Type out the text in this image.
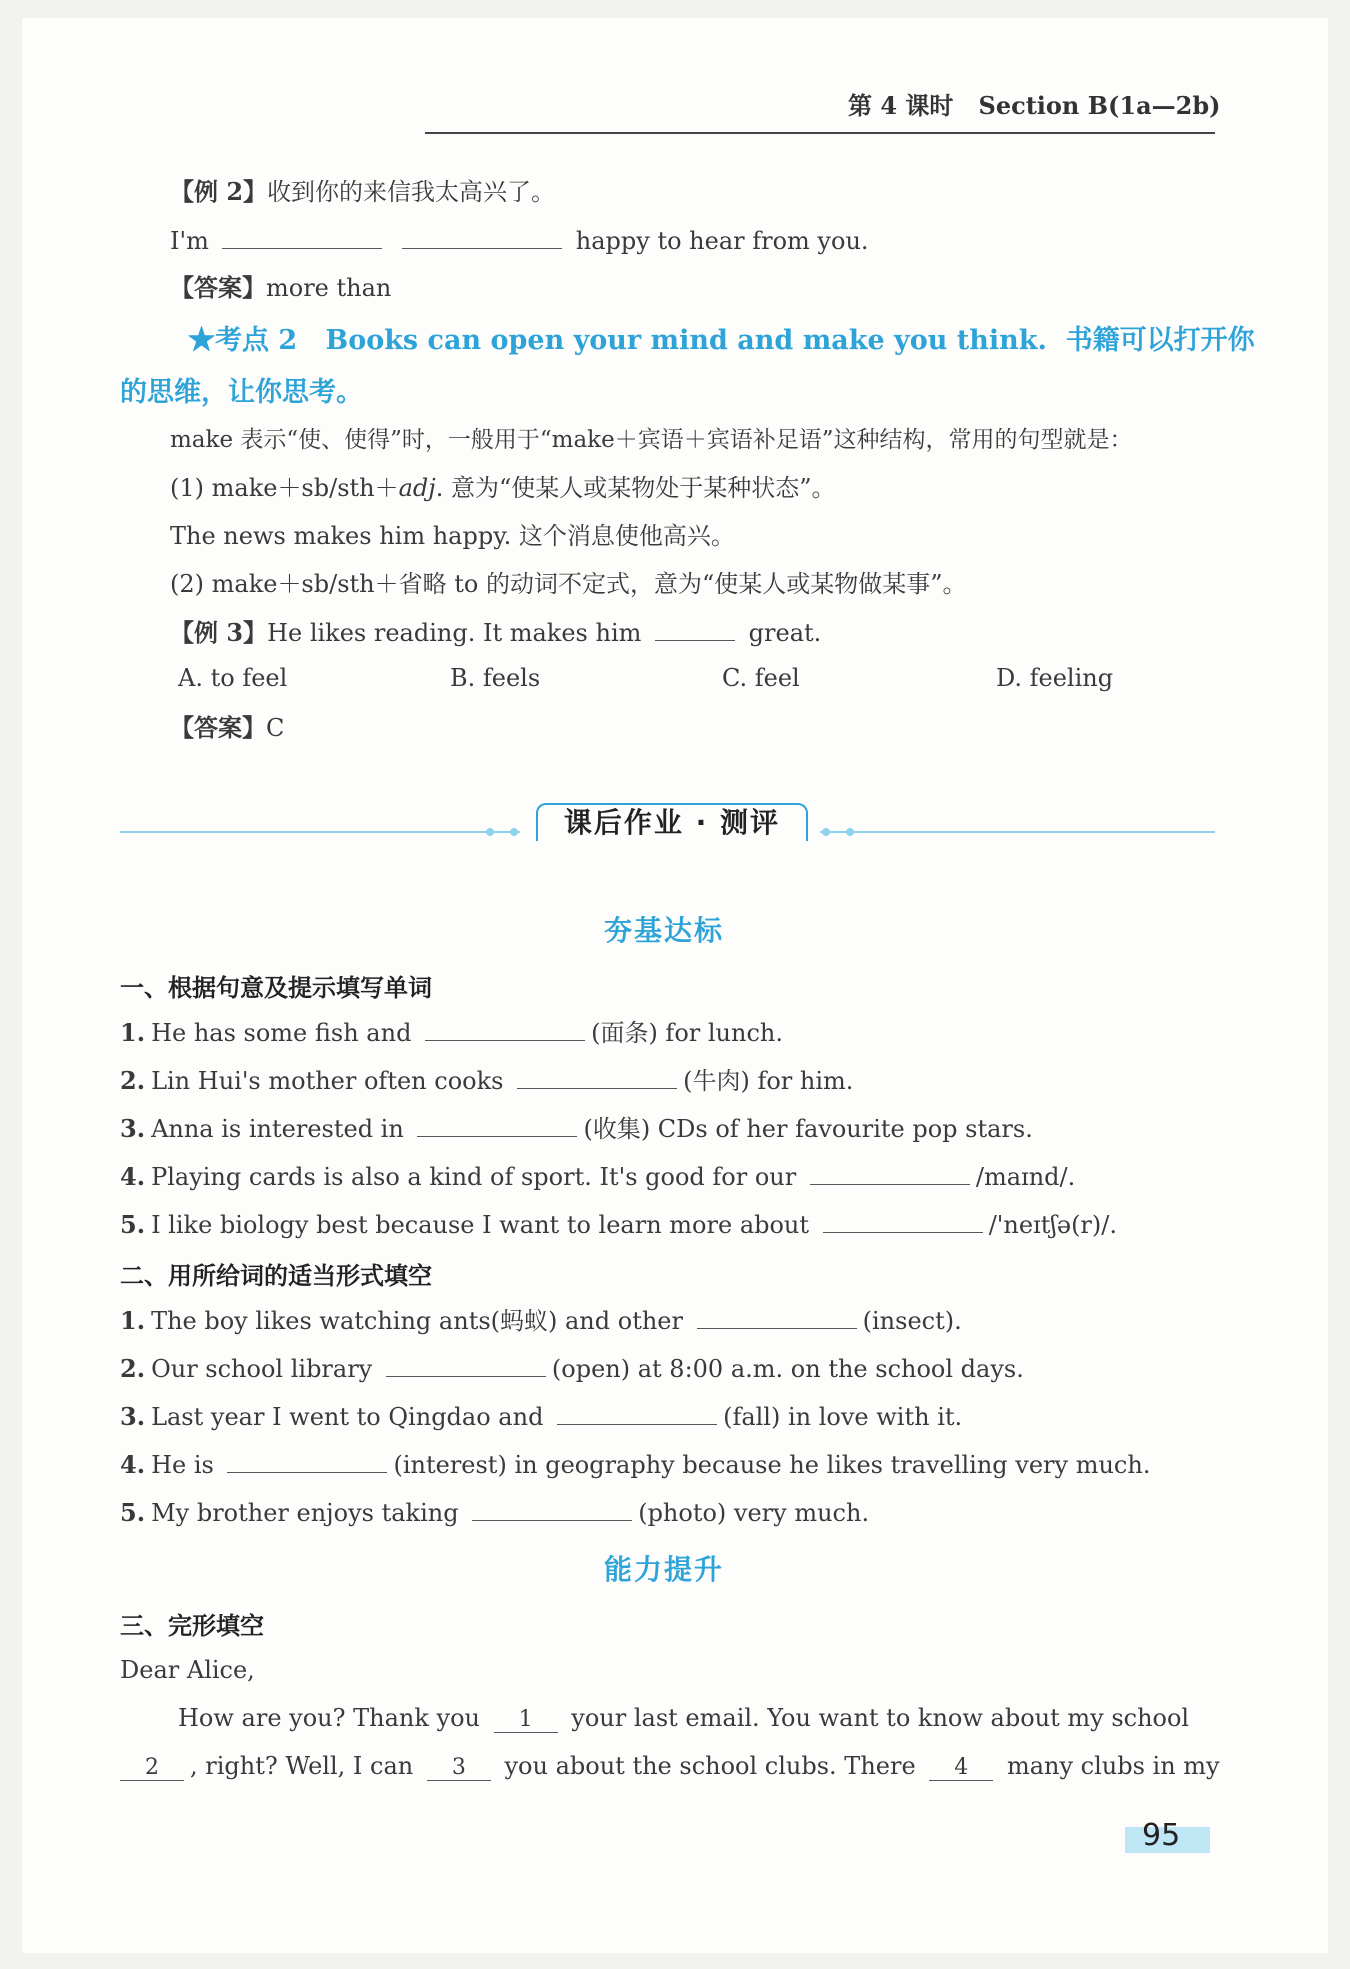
第 4 课时 Section B(1a—2b)
【例 2】收到你的来信我太高兴了。
I'm	happy to hear from you.
【答案】more than
★考点 2 Books can open your mind and make you think. 书籍可以打开你
的思维，让你思考。
make 表示“使、使得”时，一般用于“make＋宾语＋宾语补足语”这种结构，常用的句型就是：
(1) make＋sb/sth＋adj. 意为“使某人或某物处于某种状态”。
The news makes him happy. 这个消息使他高兴。
(2) make＋sb/sth＋省略 to 的动词不定式，意为“使某人或某物做某事”。
【例 3】He likes reading. It makes him	great.
A. to feel	B. feels	C. feel	D. feeling
【答案】C
课后作业 · 测评
夯基达标
一、根据句意及提示填写单词
1. He has some fish and	(面条) for lunch.
2. Lin Hui's mother often cooks	(牛肉) for him.
3. Anna is interested in	(收集) CDs of her favourite pop stars.
4. Playing cards is also a kind of sport. It's good for our	/maɪnd/.
5. I like biology best because I want to learn more about	/'neɪtʃə(r)/.
二、用所给词的适当形式填空
1. The boy likes watching ants(蚂蚁) and other	(insect).
2. Our school library	(open) at 8:00 a.m. on the school days.
3. Last year I went to Qingdao and	(fall) in love with it.
4. He is	(interest) in geography because he likes travelling very much.
5. My brother enjoys taking	(photo) very much.
能力提升
三、完形填空
Dear Alice,
How are you? Thank you 1 your last email. You want to know about my school
2 , right? Well, I can 3 you about the school clubs. There 4 many clubs in my
95
